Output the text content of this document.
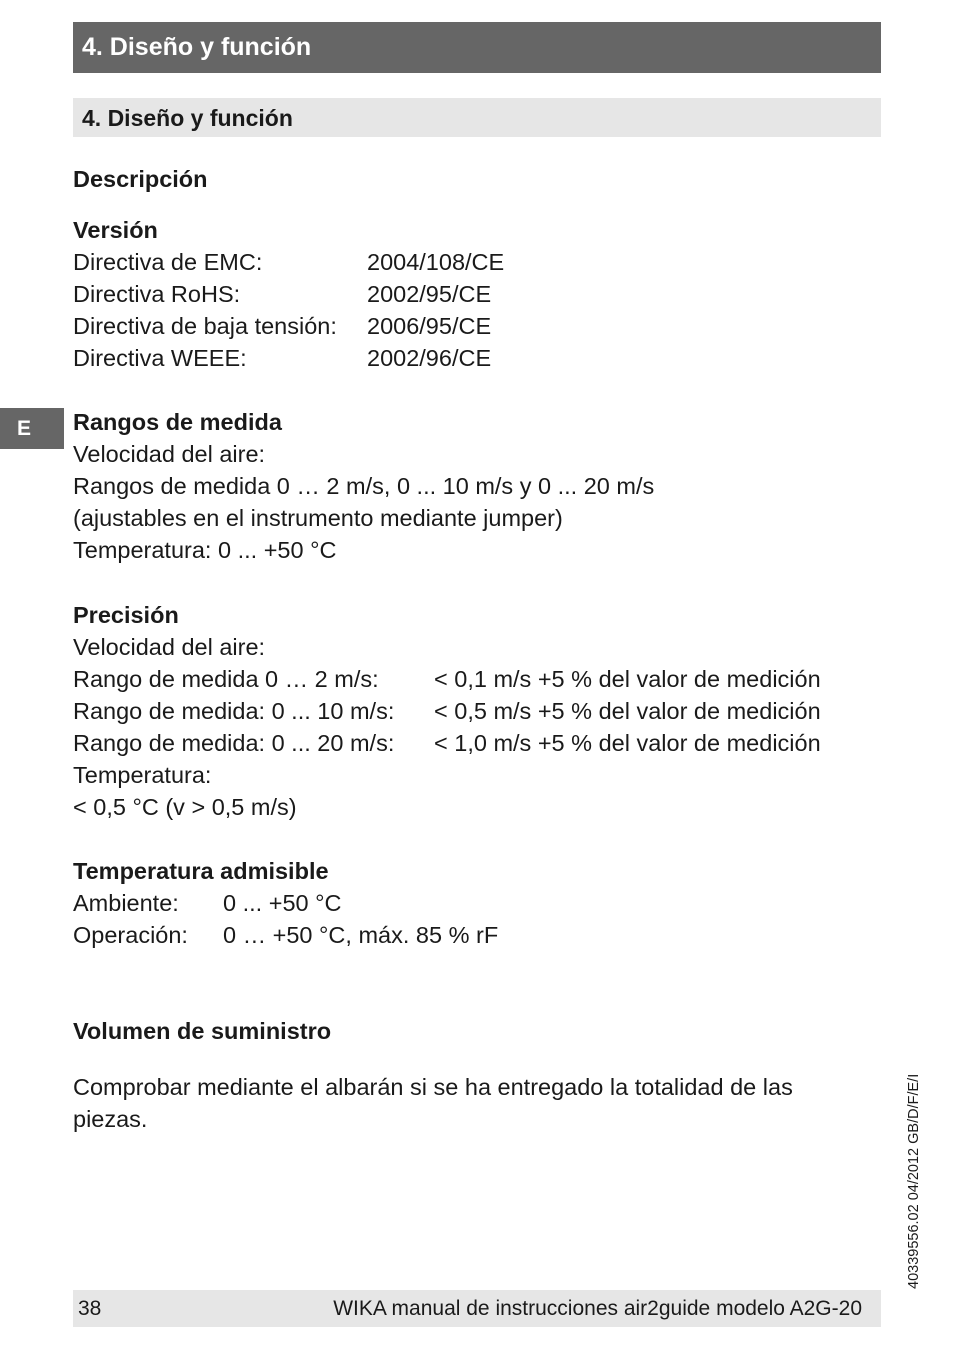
4. Diseño y función
4. Diseño y función
E
Descripción
Versión
Directiva de EMC:	2004/108/CE
Directiva RoHS:	2002/95/CE
Directiva de baja tensión:	2006/95/CE
Directiva WEEE:	2002/96/CE
Rangos de medida
Velocidad del aire:
Rangos de medida 0 … 2 m/s, 0 ... 10 m/s y 0 ... 20 m/s
(ajustables en el instrumento mediante jumper)
Temperatura: 0 ... +50 °C
Precisión
Velocidad del aire:
Rango de medida 0 … 2 m/s:	< 0,1 m/s +5 % del valor de medición
Rango de medida: 0 ... 10 m/s:	< 0,5 m/s +5 % del valor de medición
Rango de medida: 0 ... 20 m/s:	< 1,0 m/s +5 % del valor de medición
Temperatura:
< 0,5 °C (v > 0,5 m/s)
Temperatura admisible
Ambiente:	0 ... +50 °C
Operación:	0 … +50 °C, máx. 85 % rF
Volumen de suministro
Comprobar mediante el albarán si se ha entregado la totalidad de las
piezas.	40339556.02 04/2012 GB/D/F/E/I
38	WIKA manual de instrucciones air2guide modelo A2G-20
